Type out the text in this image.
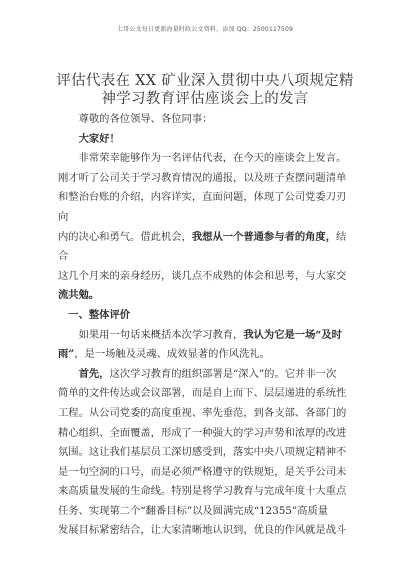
七哥公文每日更新海量时政公文资料，添加 QQ：2500117509
评估代表在 XX 矿业深入贯彻中央八项规定精
神学习教育评估座谈会上的发言

尊敬的各位领导、各位同事：

大家好！

非常荣幸能够作为一名评估代表，在今天的座谈会上发言。
刚才听了公司关于学习教育情况的通报，以及班子查摆问题清单
和整治台账的介绍，内容详实，直面问题，体现了公司党委刀刃向
内的决心和勇气。借此机会，我想从一个普通参与者的角度，结合
这几个月来的亲身经历，谈几点不成熟的体会和思考，与大家交
流共勉。

一、整体评价

如果用一句话来概括本次学习教育，我认为它是一场“及时
雨”，是一场触及灵魂、成效显著的作风洗礼。

首先，这次学习教育的组织部署是“深入”的。它并非一次
简单的文件传达或会议部署，而是自上而下、层层递进的系统性
工程。从公司党委的高度重视、率先垂范，到各支部、各部门的
精心组织、全面覆盖，形成了一种强大的学习声势和浓厚的改进
氛围。这让我们基层员工深切感受到，落实中央八项规定精神不
是一句空洞的口号，而是必须严格遵守的铁规矩，是关乎公司未
来高质量发展的生命线。特别是将学习教育与完成年度十大重点
任务、实现第二个“翻番目标”以及圆满完成“12355”高质量
发展目标紧密结合，让大家清晰地认识到，优良的作风就是战斗
